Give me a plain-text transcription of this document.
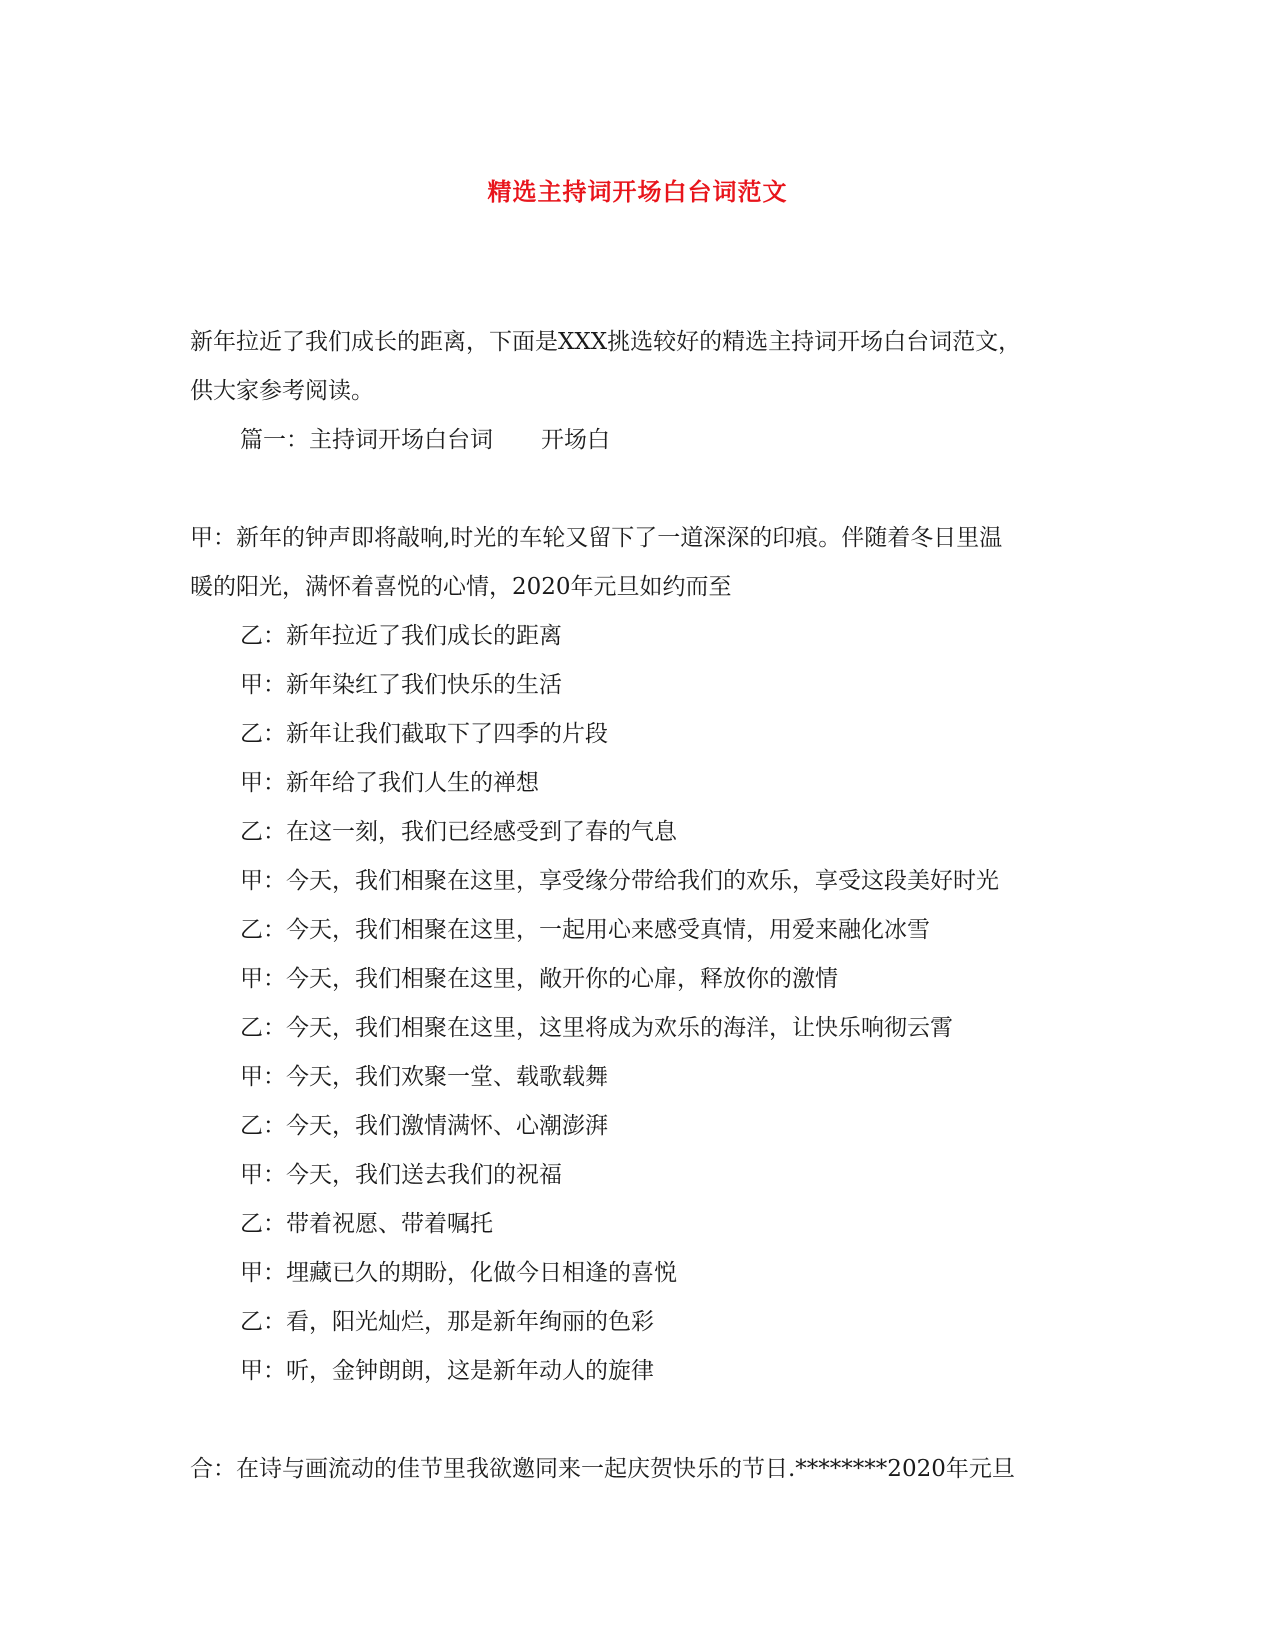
精选主持词开场白台词范文
新年拉近了我们成长的距离，下面是XXX挑选较好的精选主持词开场白台词范文，
供大家参考阅读。
篇一：主持词开场白台词 开场白
甲：新年的钟声即将敲响,时光的车轮又留下了一道深深的印痕。伴随着冬日里温
暖的阳光，满怀着喜悦的心情，2020年元旦如约而至
乙：新年拉近了我们成长的距离
甲：新年染红了我们快乐的生活
乙：新年让我们截取下了四季的片段
甲：新年给了我们人生的禅想
乙：在这一刻，我们已经感受到了春的气息
甲：今天，我们相聚在这里，享受缘分带给我们的欢乐，享受这段美好时光
乙：今天，我们相聚在这里，一起用心来感受真情，用爱来融化冰雪
甲：今天，我们相聚在这里，敞开你的心扉，释放你的激情
乙：今天，我们相聚在这里，这里将成为欢乐的海洋，让快乐响彻云霄
甲：今天，我们欢聚一堂、载歌载舞
乙：今天，我们激情满怀、心潮澎湃
甲：今天，我们送去我们的祝福
乙：带着祝愿、带着嘱托
甲：埋藏已久的期盼，化做今日相逢的喜悦
乙：看，阳光灿烂，那是新年绚丽的色彩
甲：听，金钟朗朗，这是新年动人的旋律
合：在诗与画流动的佳节里我欲邀同来一起庆贺快乐的节日.********2020年元旦
